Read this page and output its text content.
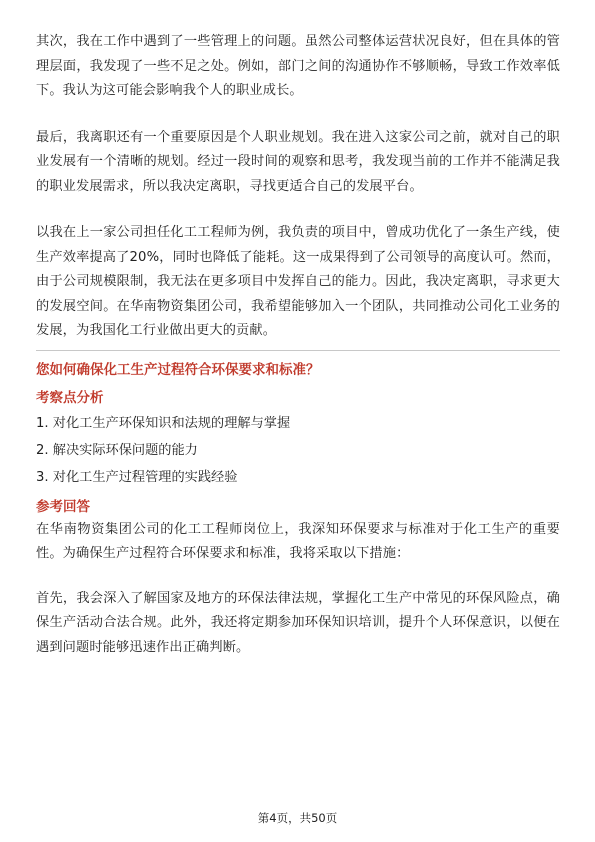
其次，我在工作中遇到了一些管理上的问题。虽然公司整体运营状况良好，但在具体的管理层面，我发现了一些不足之处。例如，部门之间的沟通协作不够顺畅，导致工作效率低下。我认为这可能会影响我个人的职业成长。

最后，我离职还有一个重要原因是个人职业规划。我在进入这家公司之前，就对自己的职业发展有一个清晰的规划。经过一段时间的观察和思考，我发现当前的工作并不能满足我的职业发展需求，所以我决定离职，寻找更适合自己的发展平台。

以我在上一家公司担任化工工程师为例，我负责的项目中，曾成功优化了一条生产线，使生产效率提高了20%，同时也降低了能耗。这一成果得到了公司领导的高度认可。然而，由于公司规模限制，我无法在更多项目中发挥自己的能力。因此，我决定离职，寻求更大的发展空间。在华南物资集团公司，我希望能够加入一个团队，共同推动公司化工业务的发展，为我国化工行业做出更大的贡献。

您如何确保化工生产过程符合环保要求和标准？
考察点分析
1. 对化工生产环保知识和法规的理解与掌握
2. 解决实际环保问题的能力
3. 对化工生产过程管理的实践经验
参考回答

在华南物资集团公司的化工工程师岗位上，我深知环保要求与标准对于化工生产的重要性。为确保生产过程符合环保要求和标准，我将采取以下措施：

首先，我会深入了解国家及地方的环保法律法规，掌握化工生产中常见的环保风险点，确保生产活动合法合规。此外，我还将定期参加环保知识培训，提升个人环保意识，以便在遇到问题时能够迅速作出正确判断。

第4页，共50页
